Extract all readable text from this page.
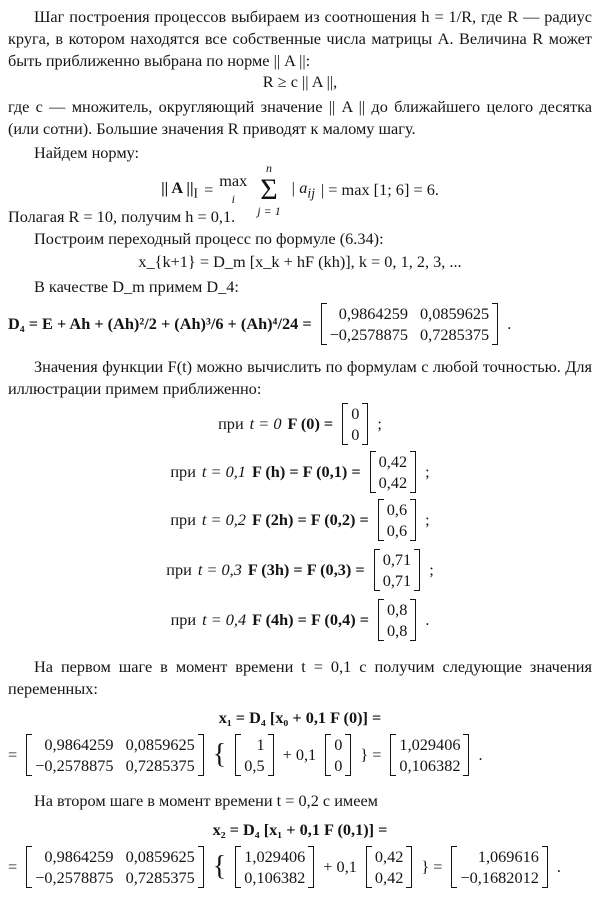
Шаг построения процессов выбираем из соотношения h = 1/R, где R — радиус круга, в котором находятся все собственные числа матрицы A. Величина R может быть приближенно выбрана по норме || A ||:
R ≥ c || A ||,
где c — множитель, округляющий значение || A || до ближайшего целого десятка (или сотни). Большие значения R приводят к малому шагу.
Найдем норму:
|| A $||_I = \max$
i
n
Σ
j = 1
| $a_{ij}$ | = max [1; 6] = 6.
Полагая R = 10, получим h = 0,1.
Построим переходный процесс по формуле (6.34):
x_{k+1} = D_m [x_k + hF (kh)], k = 0, 1, 2, 3, ...
В качестве D_m примем D_4:
D₄ = E + Ah + (Ah)²/2 + (Ah)³/6 + (Ah)⁴/24 =
0,9864259 0,0859625
−0,2578875 0,7285375
.
Значения функции F(t) можно вычислить по формулам с любой точностью. Для иллюстрации примем приближенно:
при t = 0 F (0) =
0
0
;
при t = 0,1 F (h) = F (0,1) =
0,42
0,42
;
при t = 0,2 F (2h) = F (0,2) =
0,6
0,6
;
при t = 0,3 F (3h) = F (0,3) =
0,71
0,71
;
при t = 0,4 F (4h) = F (0,4) =
0,8
0,8
.
На первом шаге в момент времени t = 0,1 с получим следующие значения переменных:
x₁ = D₄ [x₀ + 0,1 F (0)] =
=
0,9864259 0,0859625
−0,2578875 0,7285375 {	1
0,5
+ 0,1
0
0
} =
1,029406
0,106382
.
На втором шаге в момент времени t = 0,2 с имеем
x₂ = D₄ [x₁ + 0,1 F (0,1)] =
=
0,9864259 0,0859625
−0,2578875 0,7285375 { 1,029406
0,106382
+ 0,1
0,42
0,42
} =
1,069616
−0,1682012
.
